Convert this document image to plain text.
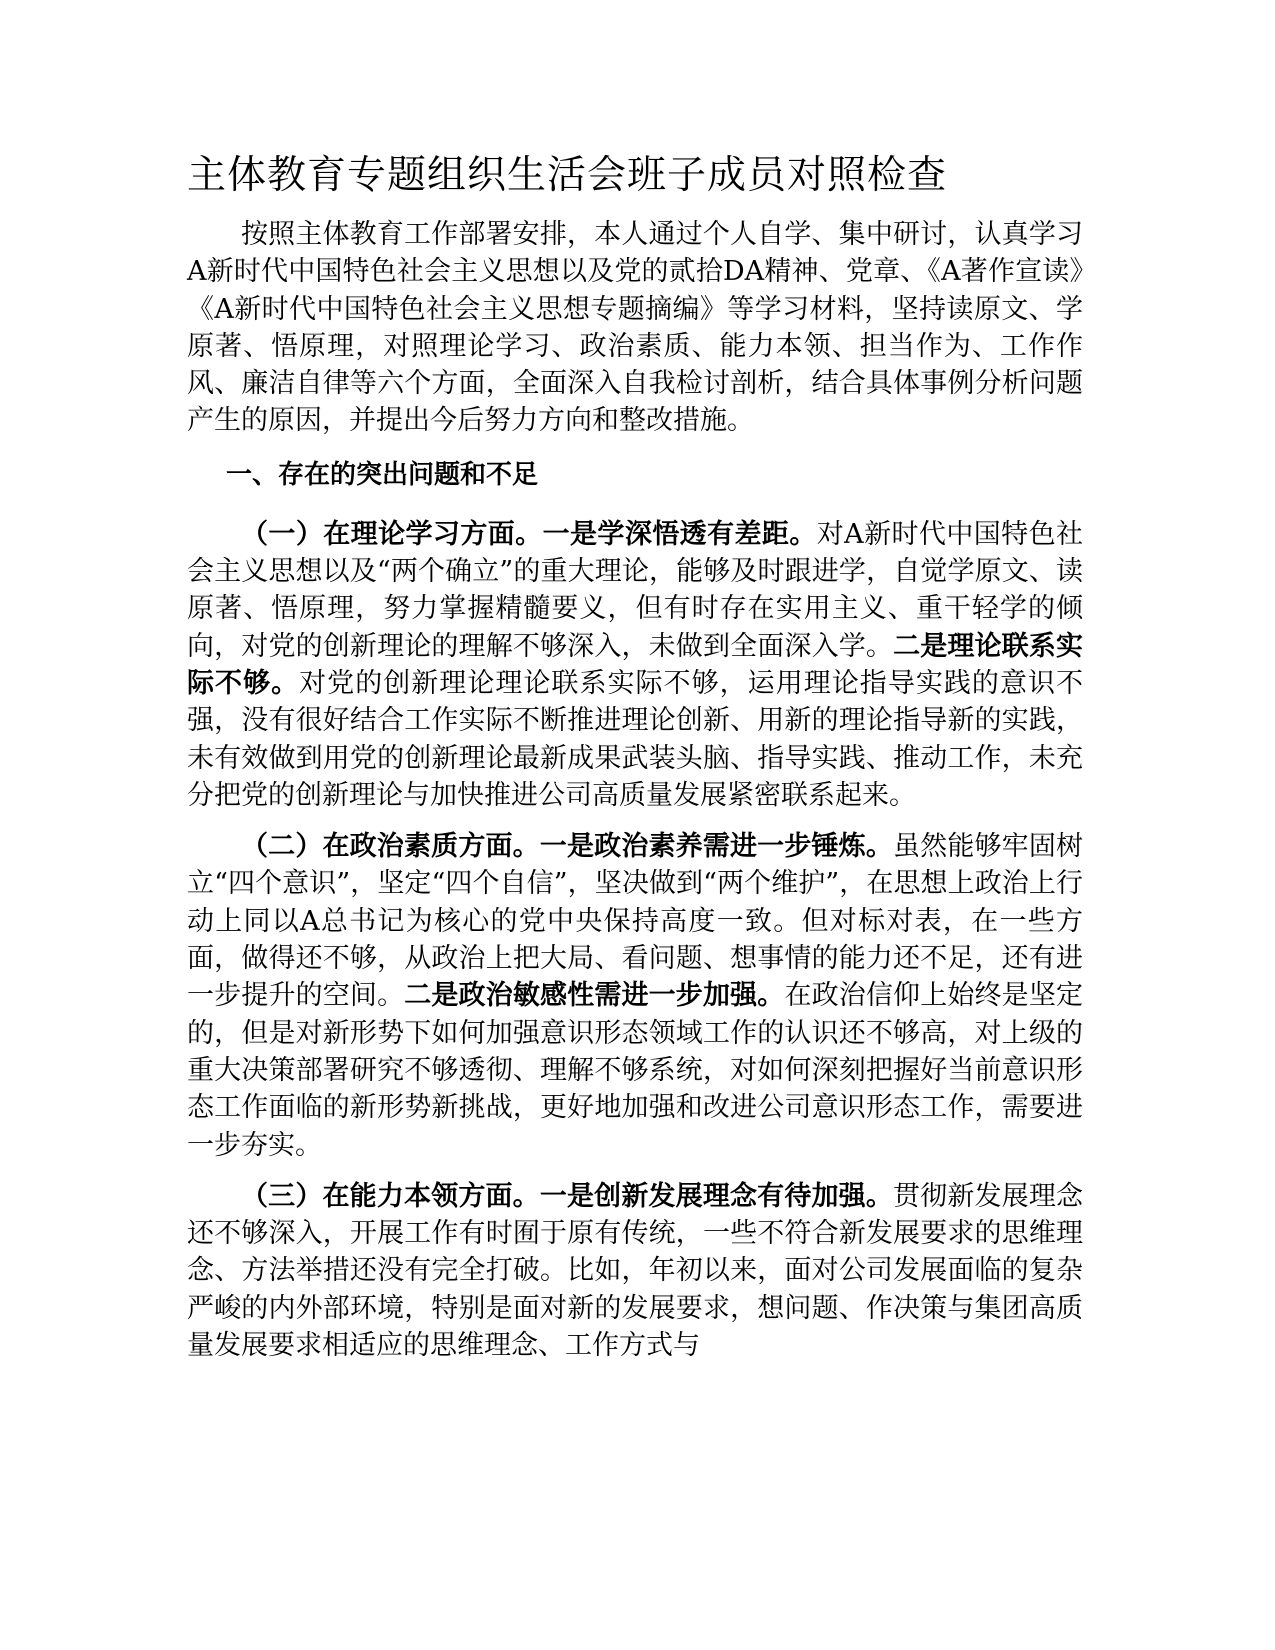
主体教育专题组织生活会班子成员对照检查

按照主体教育工作部署安排，本人通过个人自学、集中研讨，认真学习A新时代中国特色社会主义思想以及党的贰拾DA精神、党章、《A著作宣读》《A新时代中国特色社会主义思想专题摘编》等学习材料，坚持读原文、学原著、悟原理，对照理论学习、政治素质、能力本领、担当作为、工作作风、廉洁自律等六个方面，全面深入自我检讨剖析，结合具体事例分析问题产生的原因，并提出今后努力方向和整改措施。

一、存在的突出问题和不足

（一）在理论学习方面。一是学深悟透有差距。对A新时代中国特色社会主义思想以及“两个确立”的重大理论，能够及时跟进学，自觉学原文、读原著、悟原理，努力掌握精髓要义，但有时存在实用主义、重干轻学的倾向，对党的创新理论的理解不够深入，未做到全面深入学。二是理论联系实际不够。对党的创新理论理论联系实际不够，运用理论指导实践的意识不强，没有很好结合工作实际不断推进理论创新、用新的理论指导新的实践，未有效做到用党的创新理论最新成果武装头脑、指导实践、推动工作，未充分把党的创新理论与加快推进公司高质量发展紧密联系起来。

（二）在政治素质方面。一是政治素养需进一步锤炼。虽然能够牢固树立“四个意识”，坚定“四个自信”，坚决做到“两个维护”，在思想上政治上行动上同以A总书记为核心的党中央保持高度一致。但对标对表，在一些方面，做得还不够，从政治上把大局、看问题、想事情的能力还不足，还有进一步提升的空间。二是政治敏感性需进一步加强。在政治信仰上始终是坚定的，但是对新形势下如何加强意识形态领域工作的认识还不够高，对上级的重大决策部署研究不够透彻、理解不够系统，对如何深刻把握好当前意识形态工作面临的新形势新挑战，更好地加强和改进公司意识形态工作，需要进一步夯实。

（三）在能力本领方面。一是创新发展理念有待加强。贯彻新发展理念还不够深入，开展工作有时囿于原有传统，一些不符合新发展要求的思维理念、方法举措还没有完全打破。比如，年初以来，面对公司发展面临的复杂严峻的内外部环境，特别是面对新的发展要求，想问题、作决策与集团高质量发展要求相适应的思维理念、工作方式与
